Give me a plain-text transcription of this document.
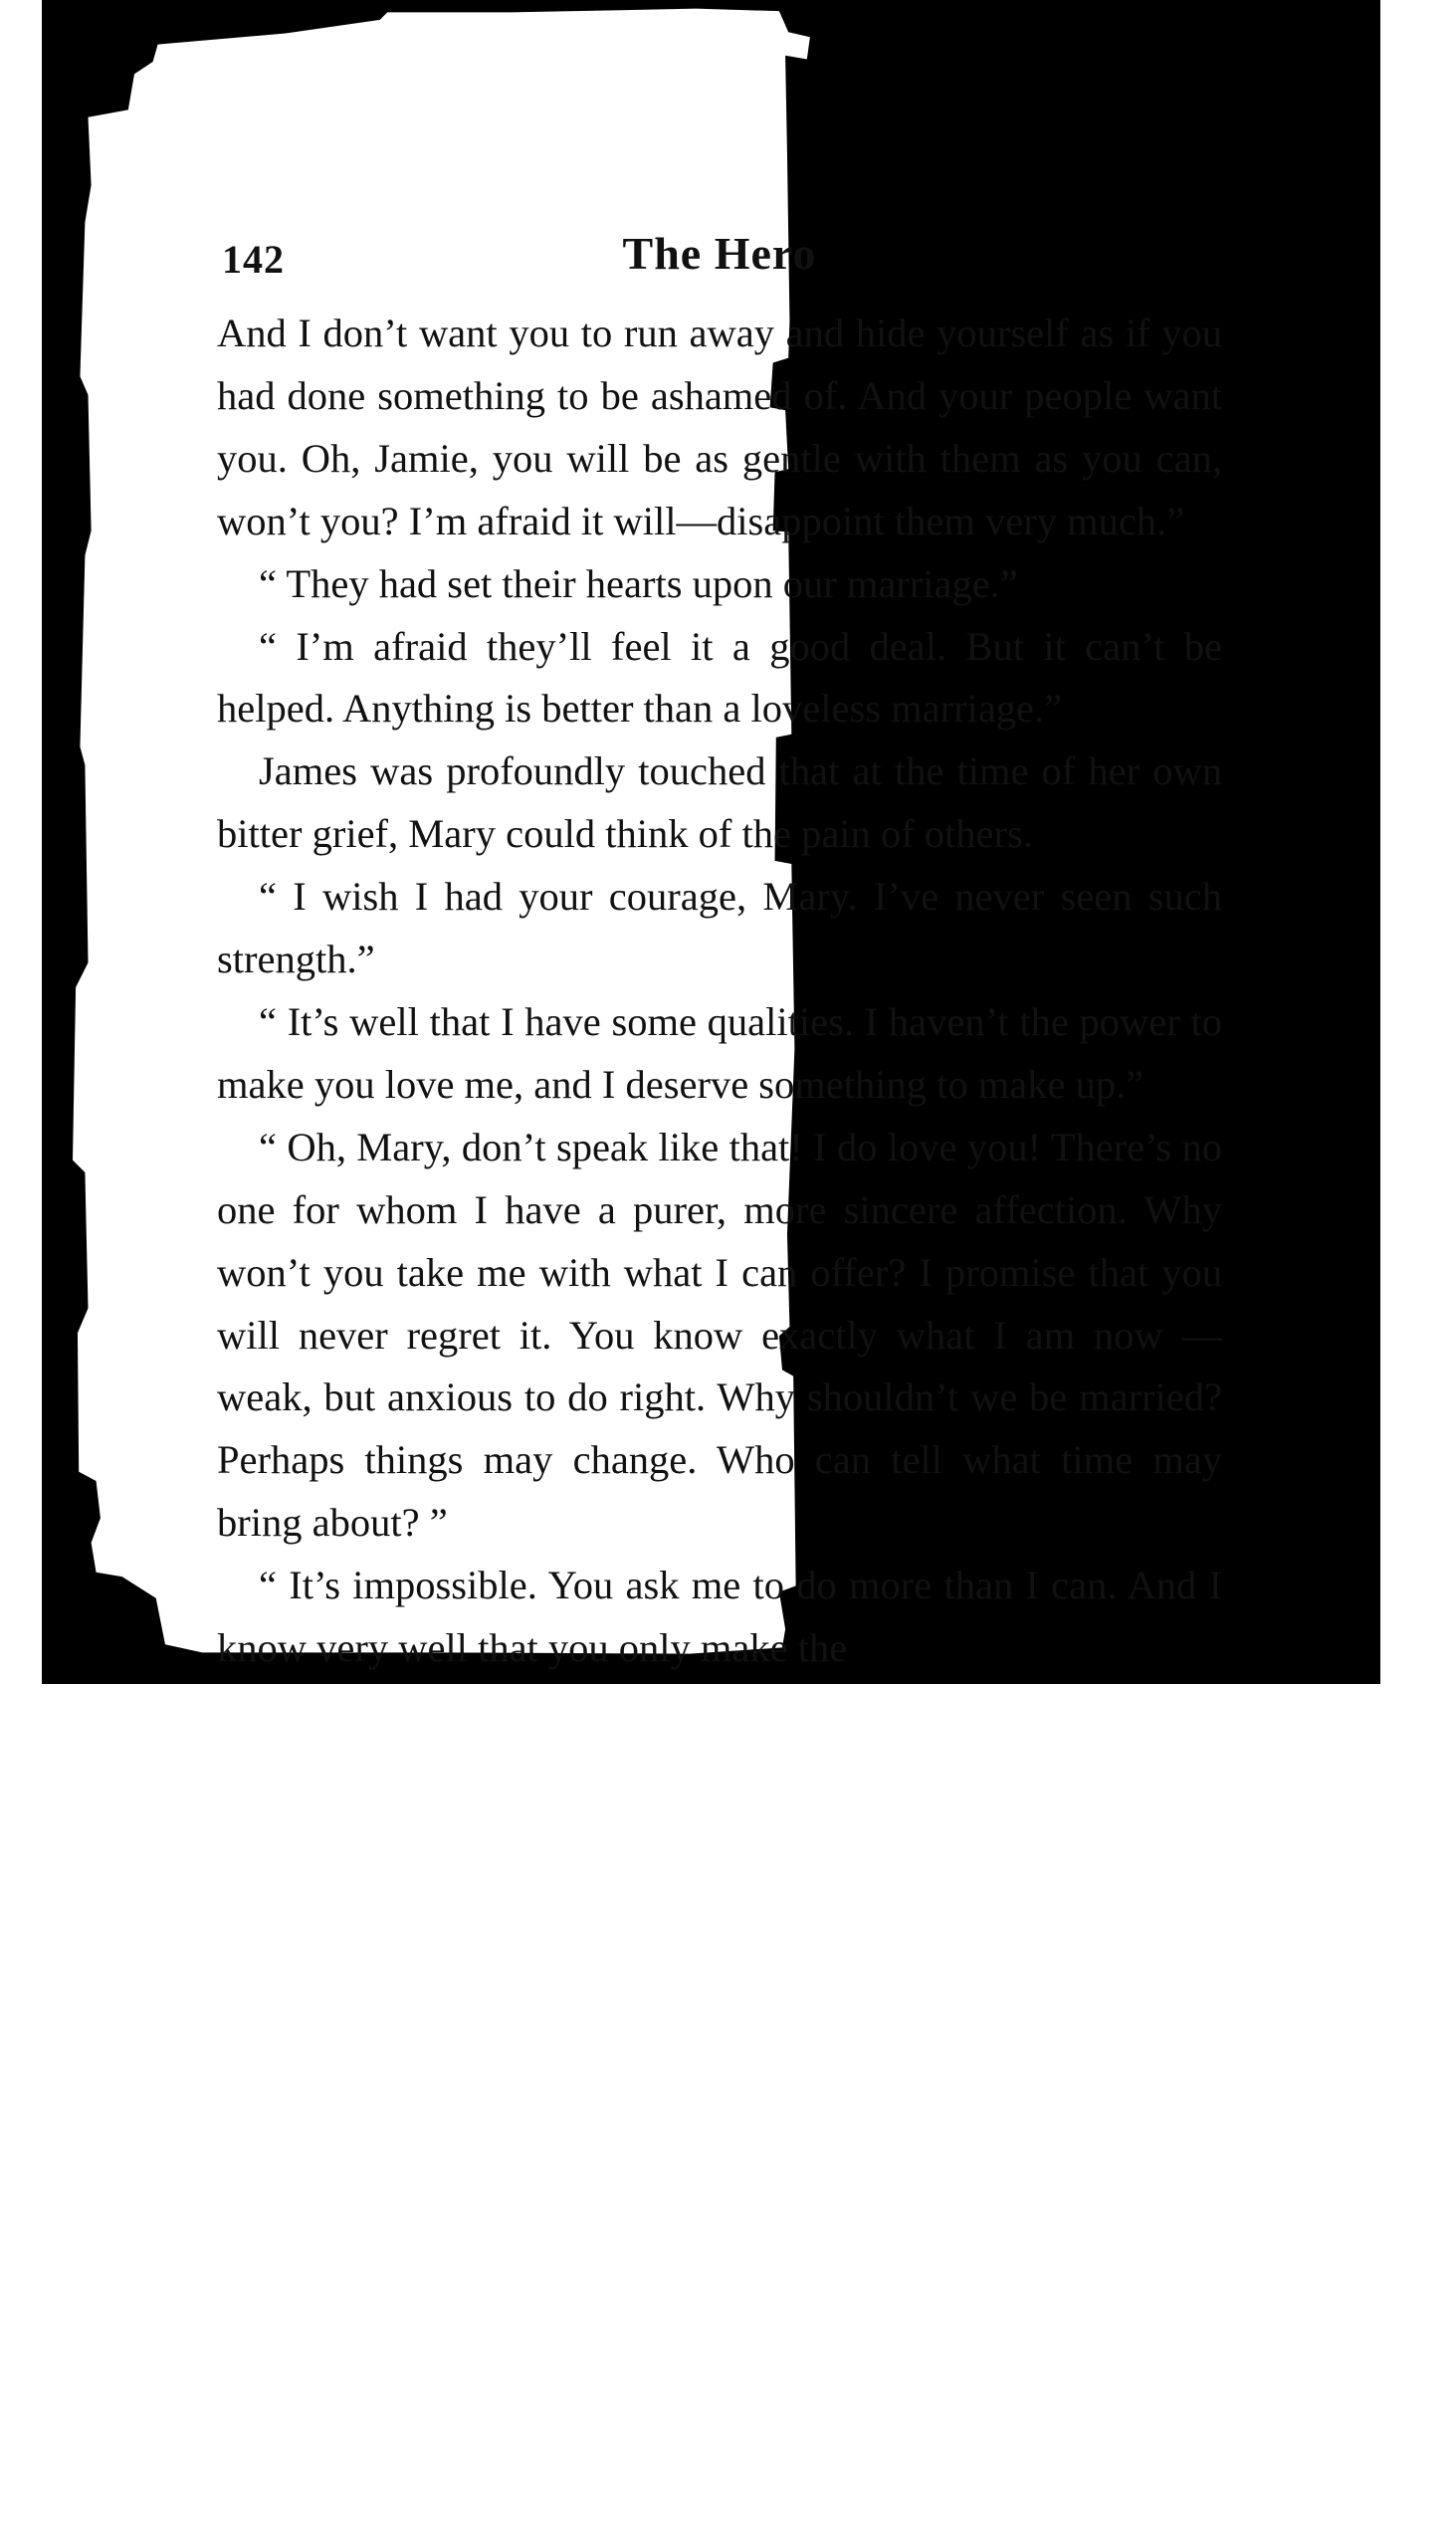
142	The Hero

And I don’t want you to run away and hide yourself as if you had done something to be ashamed of. And your people want you. Oh, Jamie, you will be as gentle with them as you can, won’t you? I’m afraid it will—disappoint them very much.”

“ They had set their hearts upon our marriage.”

“ I’m afraid they’ll feel it a good deal. But it can’t be helped. Anything is better than a loveless marriage.”

James was profoundly touched that at the time of her own bitter grief, Mary could think of the pain of others.

“ I wish I had your courage, Mary. I’ve never seen such strength.”

“ It’s well that I have some qualities. I haven’t the power to make you love me, and I deserve something to make up.”

“ Oh, Mary, don’t speak like that! I do love you! There’s no one for whom I have a purer, more sincere affection. Why won’t you take me with what I can offer? I promise that you will never regret it. You know exactly what I am now — weak, but anxious to do right. Why shouldn’t we be married? Perhaps things may change. Who can tell what time may bring about? ”

“ It’s impossible. You ask me to do more than I can. And I know very well that you only make the
